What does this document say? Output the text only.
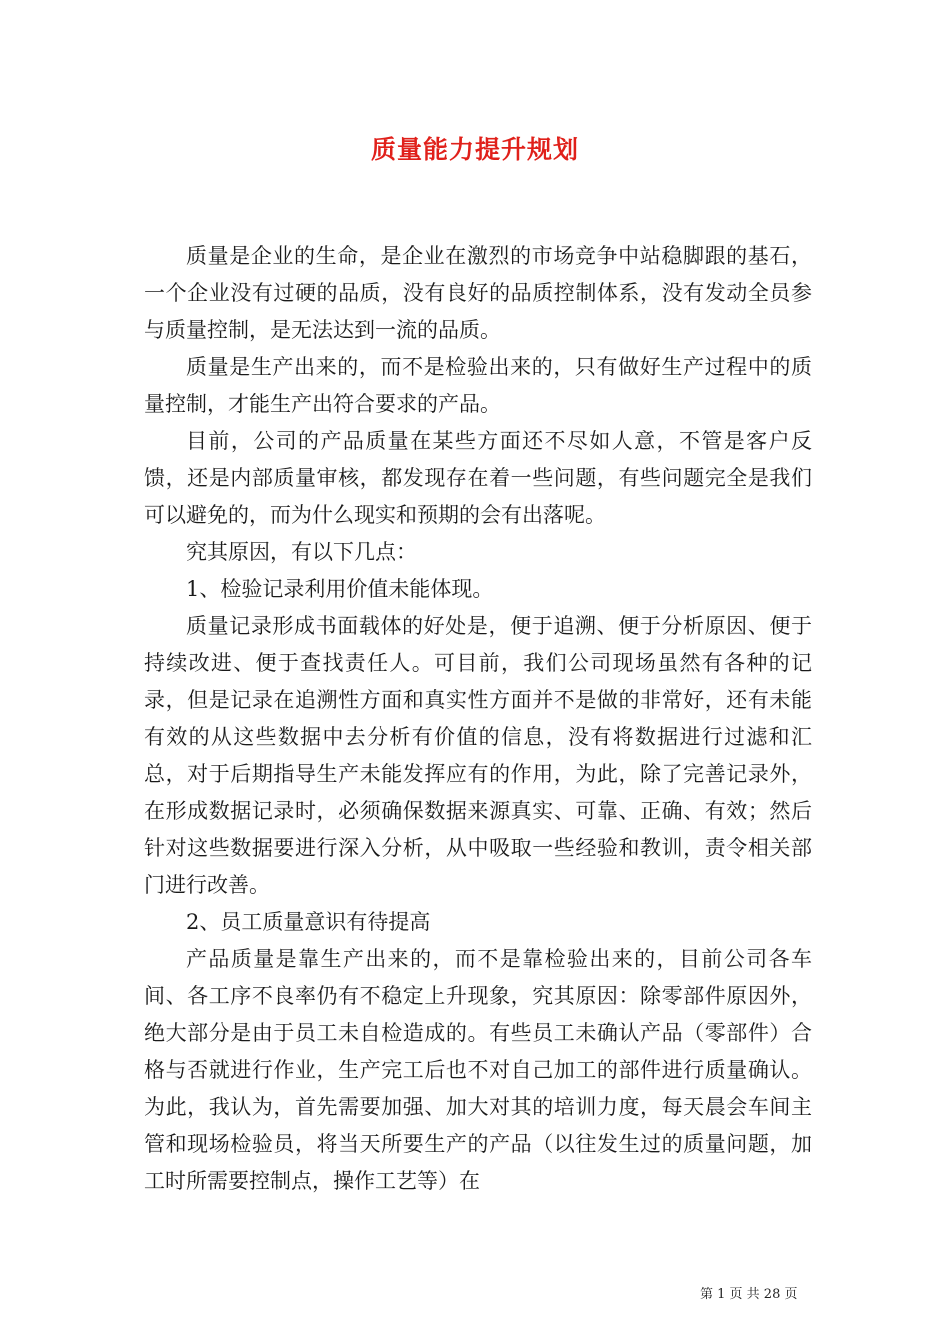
质量能力提升规划

质量是企业的生命，是企业在激烈的市场竞争中站稳脚跟的基石，一个企业没有过硬的品质，没有良好的品质控制体系，没有发动全员参与质量控制，是无法达到一流的品质。

质量是生产出来的，而不是检验出来的，只有做好生产过程中的质量控制，才能生产出符合要求的产品。

目前，公司的产品质量在某些方面还不尽如人意，不管是客户反馈，还是内部质量审核，都发现存在着一些问题，有些问题完全是我们可以避免的，而为什么现实和预期的会有出落呢。

究其原因，有以下几点：

1、检验记录利用价值未能体现。

质量记录形成书面载体的好处是，便于追溯、便于分析原因、便于持续改进、便于查找责任人。可目前，我们公司现场虽然有各种的记录，但是记录在追溯性方面和真实性方面并不是做的非常好，还有未能有效的从这些数据中去分析有价值的信息，没有将数据进行过滤和汇总，对于后期指导生产未能发挥应有的作用，为此，除了完善记录外，在形成数据记录时，必须确保数据来源真实、可靠、正确、有效；然后针对这些数据要进行深入分析，从中吸取一些经验和教训，责令相关部门进行改善。

2、员工质量意识有待提高

产品质量是靠生产出来的，而不是靠检验出来的，目前公司各车间、各工序不良率仍有不稳定上升现象，究其原因：除零部件原因外，绝大部分是由于员工未自检造成的。有些员工未确认产品（零部件）合格与否就进行作业，生产完工后也不对自己加工的部件进行质量确认。为此，我认为，首先需要加强、加大对其的培训力度，每天晨会车间主管和现场检验员，将当天所要生产的产品（以往发生过的质量问题，加工时所需要控制点，操作工艺等）在

第 1 页 共 28 页
